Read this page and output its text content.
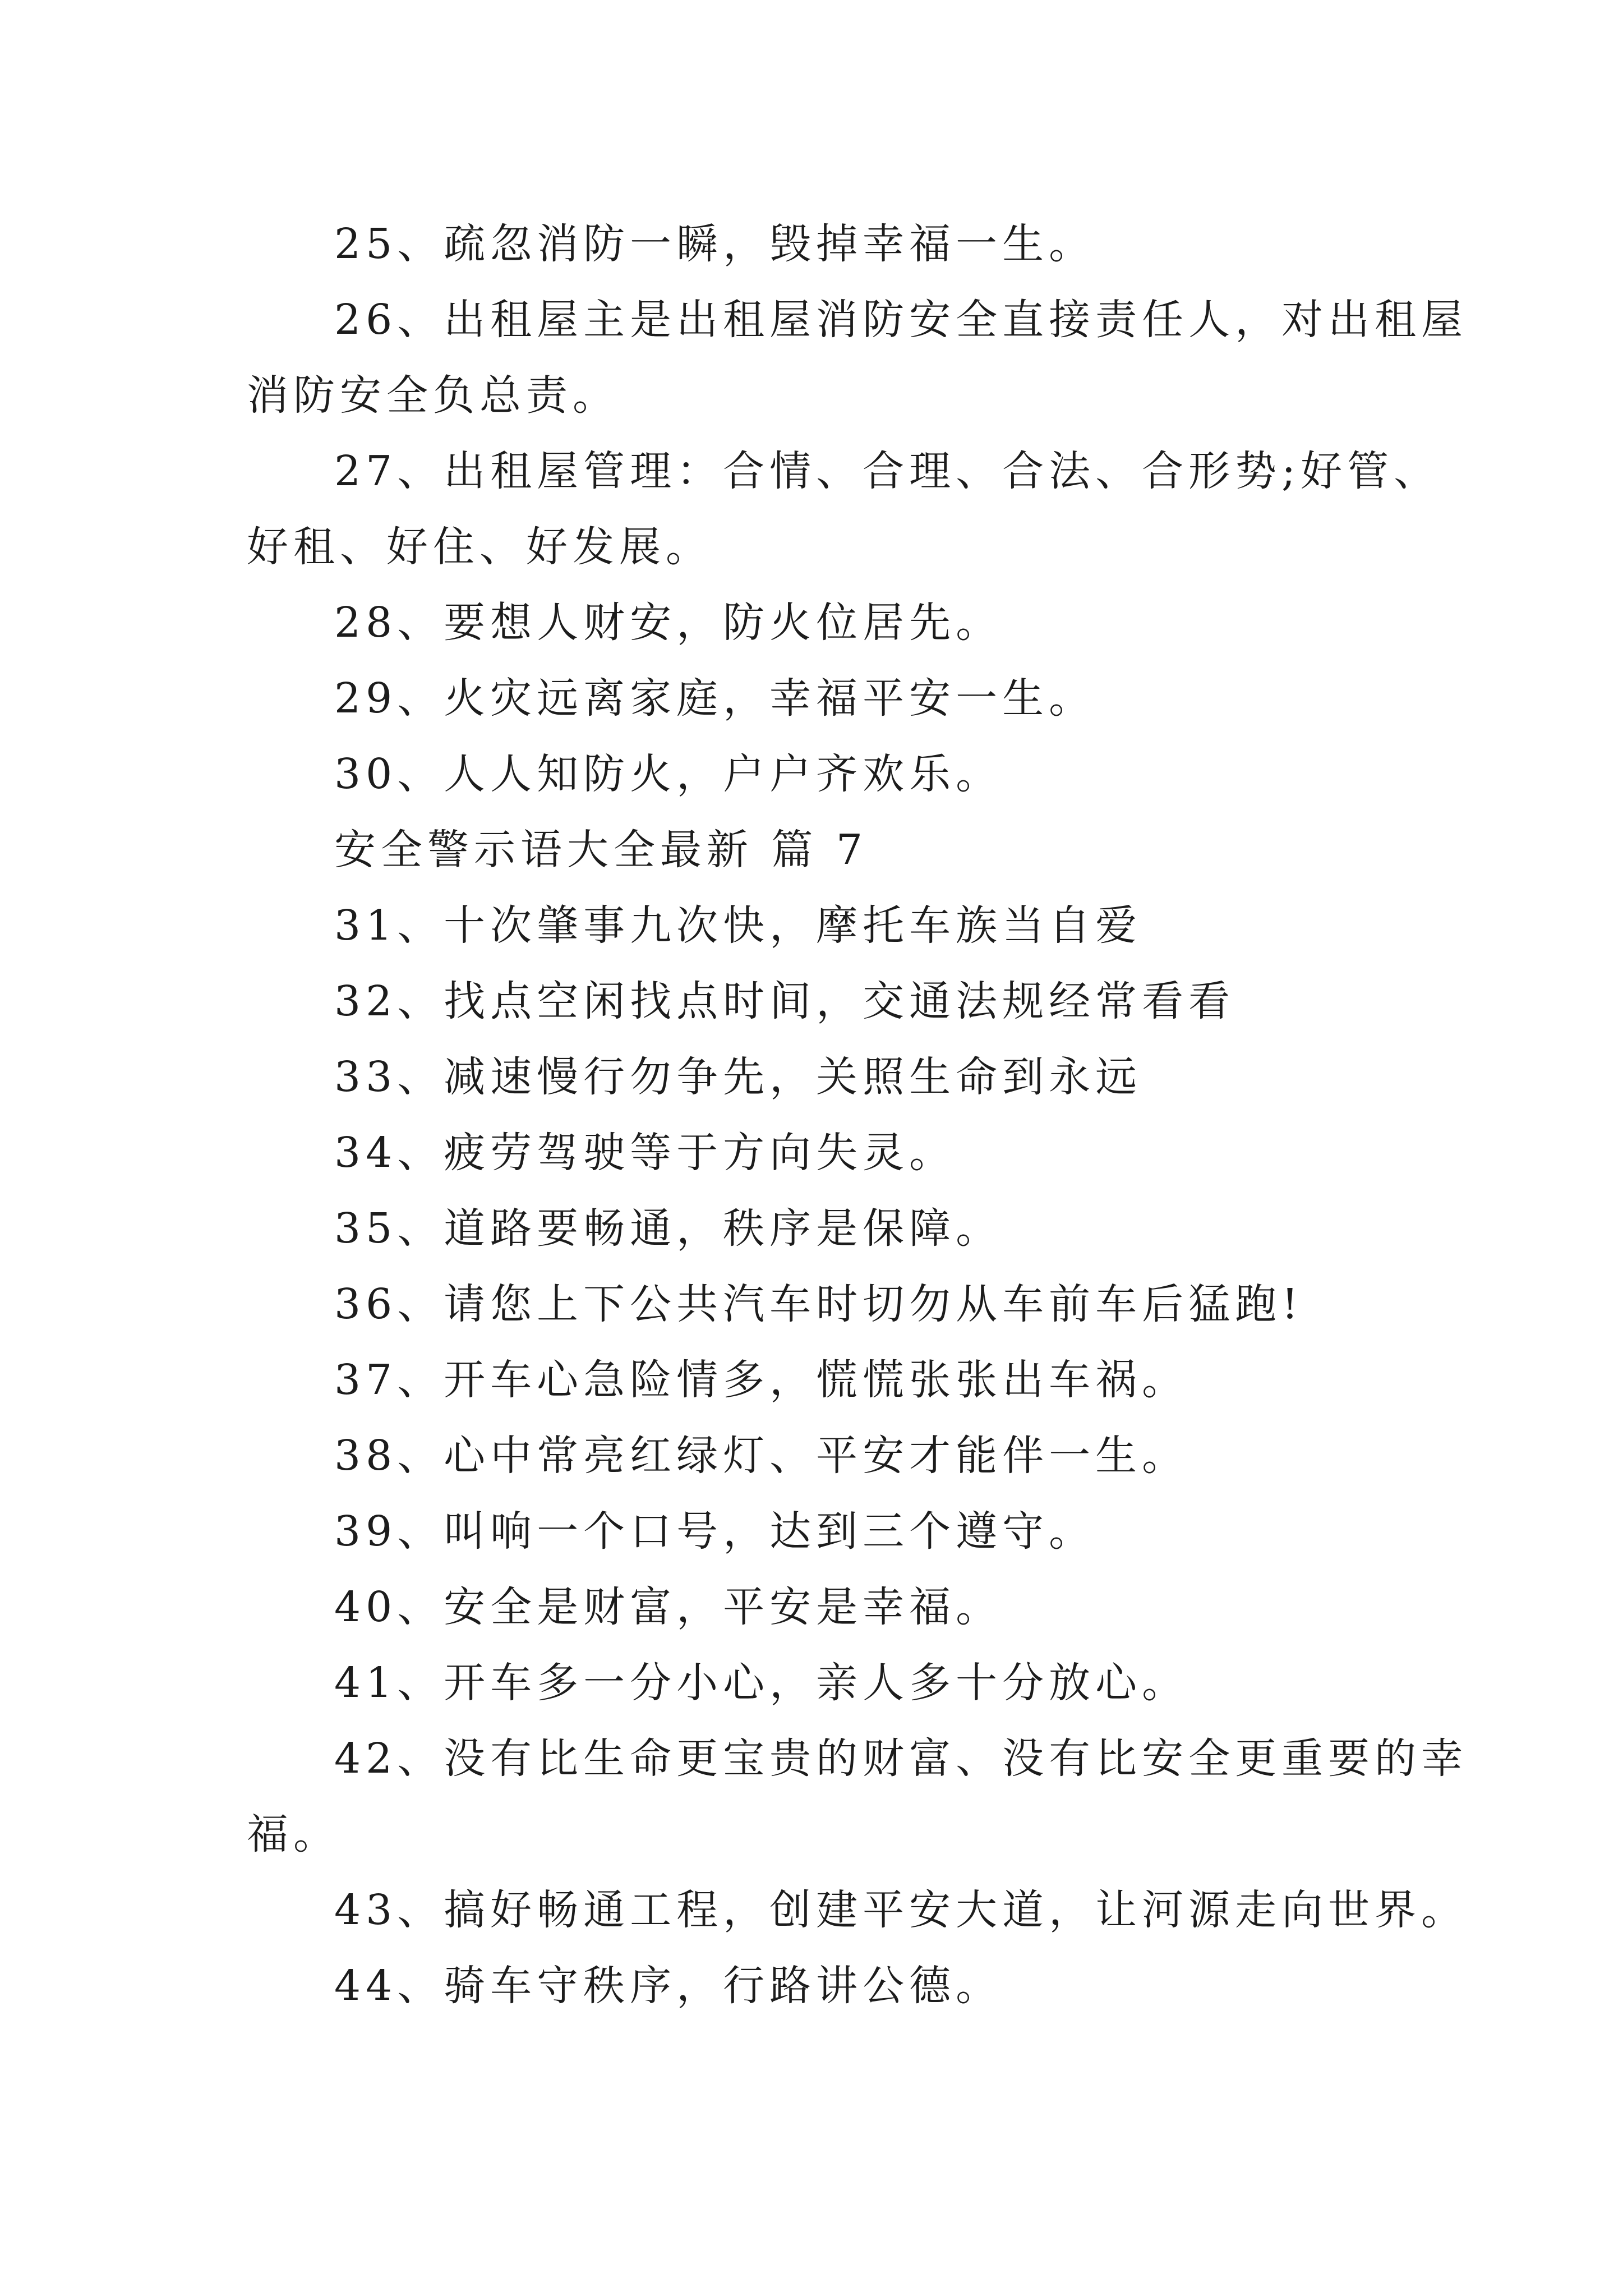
25、疏忽消防一瞬，毁掉幸福一生。
26、出租屋主是出租屋消防安全直接责任人，对出租屋
消防安全负总责。
27、出租屋管理：合情、合理、合法、合形势;好管、
好租、好住、好发展。
28、要想人财安，防火位居先。
29、火灾远离家庭，幸福平安一生。
30、人人知防火，户户齐欢乐。
安全警示语大全最新 篇 7
31、十次肇事九次快，摩托车族当自爱
32、找点空闲找点时间，交通法规经常看看
33、减速慢行勿争先，关照生命到永远
34、疲劳驾驶等于方向失灵。
35、道路要畅通，秩序是保障。
36、请您上下公共汽车时切勿从车前车后猛跑!
37、开车心急险情多，慌慌张张出车祸。
38、心中常亮红绿灯、平安才能伴一生。
39、叫响一个口号，达到三个遵守。
40、安全是财富，平安是幸福。
41、开车多一分小心，亲人多十分放心。
42、没有比生命更宝贵的财富、没有比安全更重要的幸
福。
43、搞好畅通工程，创建平安大道，让河源走向世界。
44、骑车守秩序，行路讲公德。
